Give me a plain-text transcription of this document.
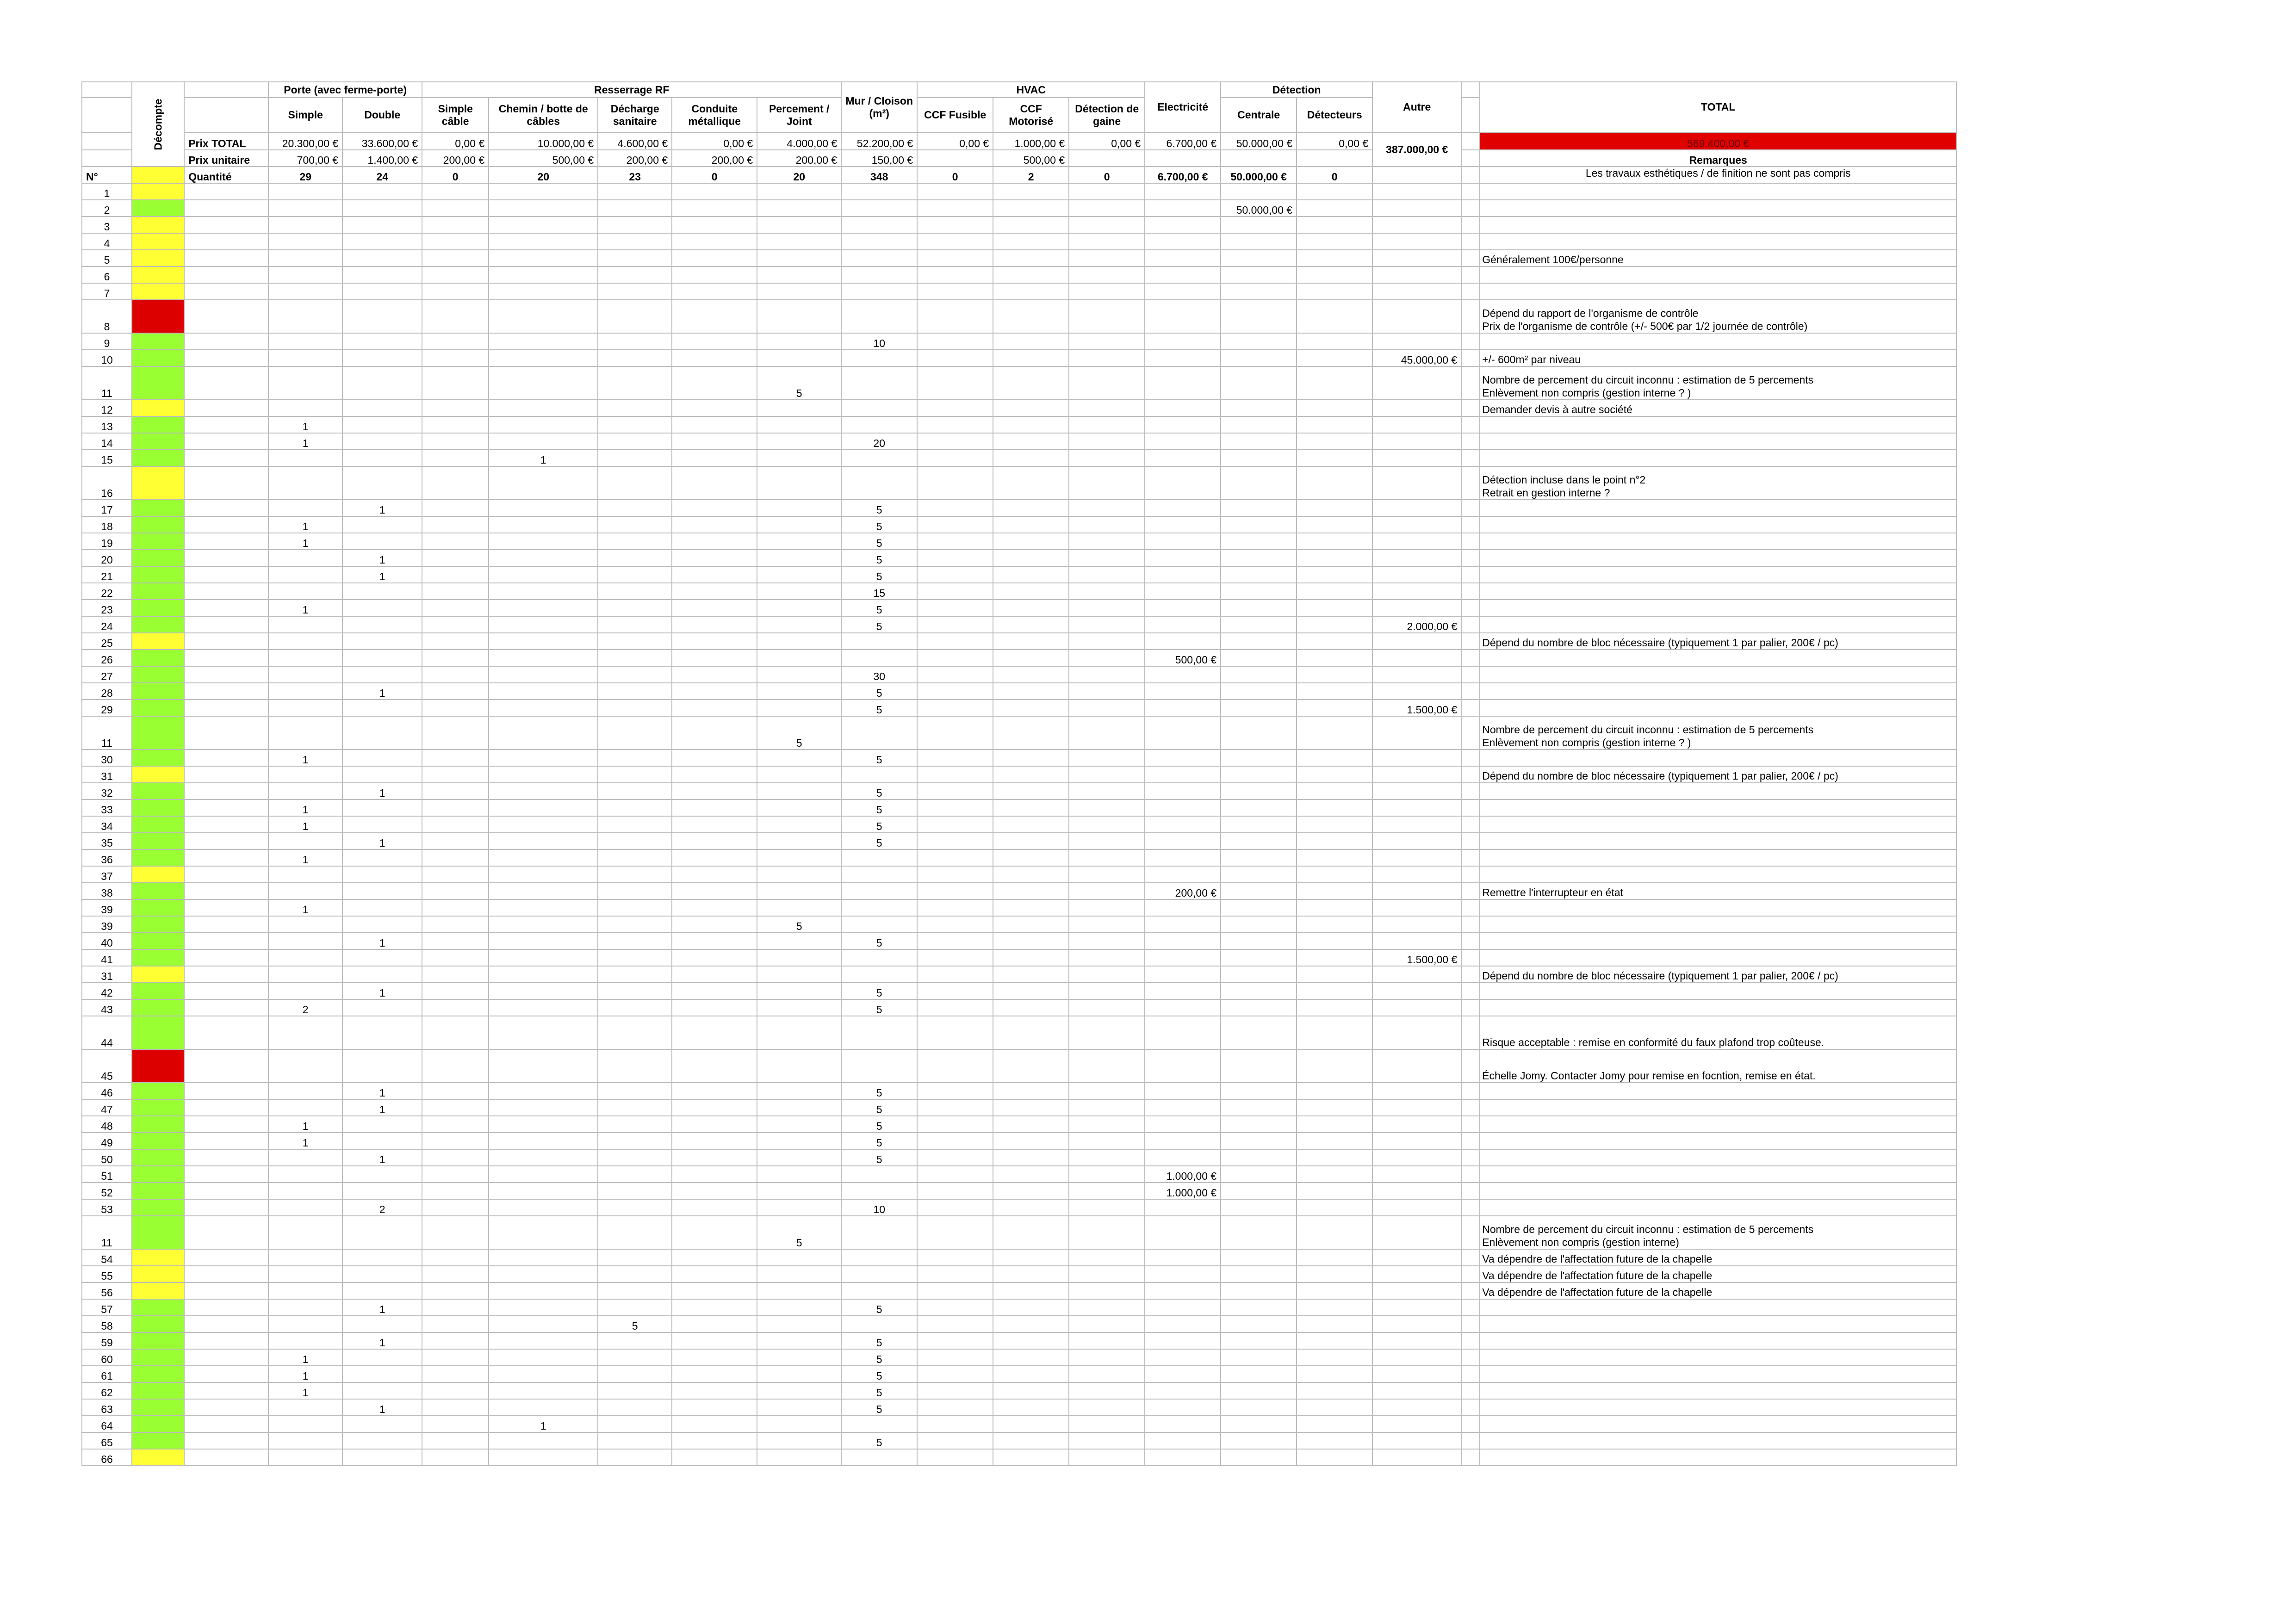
	Décompte		Porte (avec ferme-porte)		Resserrage RF					Mur / Cloison (m²)	HVAC			Electricité	Détection		Autre		TOTAL
			Simple	Double	Simple câble	Chemin / botte de câbles	Décharge sanitaire	Conduite métallique	Percement / Joint		CCF Fusible	CCF Motorisé	Détection de gaine		Centrale	Détecteurs			
		Prix TOTAL	20.300,00 €	33.600,00 €	0,00 €	10.000,00 €	4.600,00 €	0,00 €	4.000,00 €	52.200,00 €	0,00 €	1.000,00 €	0,00 €	6.700,00 €	50.000,00 €	0,00 €	387.000,00 €		569.400,00 €
		Prix unitaire	700,00 €	1.400,00 €	200,00 €	500,00 €	200,00 €	200,00 €	200,00 €	150,00 €		500,00 €							Remarques
N°		Quantité	29	24	0	20	23	0	20	348	0	2	0	6.700,00 €	50.000,00 €	0			Les travaux esthétiques / de finition ne sont pas compris
1																			
2															50.000,00 €				
3																			
4																			
5																			Généralement 100€/personne
6																			
7																			
8																			Dépend du rapport de l'organisme de contrôle
Prix de l'organisme de contrôle (+/- 500€ par 1/2 journée de contrôle)
9										10									
10																	45.000,00 €		+/- 600m² par niveau
11									5										Nombre de percement du circuit inconnu : estimation de 5 percements
Enlèvement non compris (gestion interne ? )
12																			Demander devis à autre société
13			1																
14			1							20									
15						1													
16																			Détection incluse dans le point n°2
Retrait en gestion interne ?
17				1						5									
18			1							5									
19			1							5									
20				1						5									
21				1						5									
22										15									
23			1							5									
24										5							2.000,00 €		
25																			Dépend du nombre de bloc nécessaire (typiquement 1 par palier, 200€ / pc)
26														500,00 €					
27										30									
28				1						5									
29										5							1.500,00 €		
11									5										Nombre de percement du circuit inconnu : estimation de 5 percements
Enlèvement non compris (gestion interne ? )
30			1							5									
31																			Dépend du nombre de bloc nécessaire (typiquement 1 par palier, 200€ / pc)
32				1						5									
33			1							5									
34			1							5									
35				1						5									
36			1																
37																			
38														200,00 €					Remettre l'interrupteur en état
39			1																
39									5										
40				1						5									
41																	1.500,00 €		
31																			Dépend du nombre de bloc nécessaire (typiquement 1 par palier, 200€ / pc)
42				1						5									
43			2							5									
44																			Risque acceptable : remise en conformité du faux plafond trop coûteuse.
45																			Échelle Jomy. Contacter Jomy pour remise en focntion, remise en état.
46				1						5									
47				1						5									
48			1							5									
49			1							5									
50				1						5									
51														1.000,00 €					
52														1.000,00 €					
53				2						10									
11									5										Nombre de percement du circuit inconnu : estimation de 5 percements
Enlèvement non compris (gestion interne)
54																			Va dépendre de l'affectation future de la chapelle
55																			Va dépendre de l'affectation future de la chapelle
56																			Va dépendre de l'affectation future de la chapelle
57				1						5									
58							5												
59				1						5									
60			1							5									
61			1							5									
62			1							5									
63				1						5									
64						1													
65										5									
66																			
